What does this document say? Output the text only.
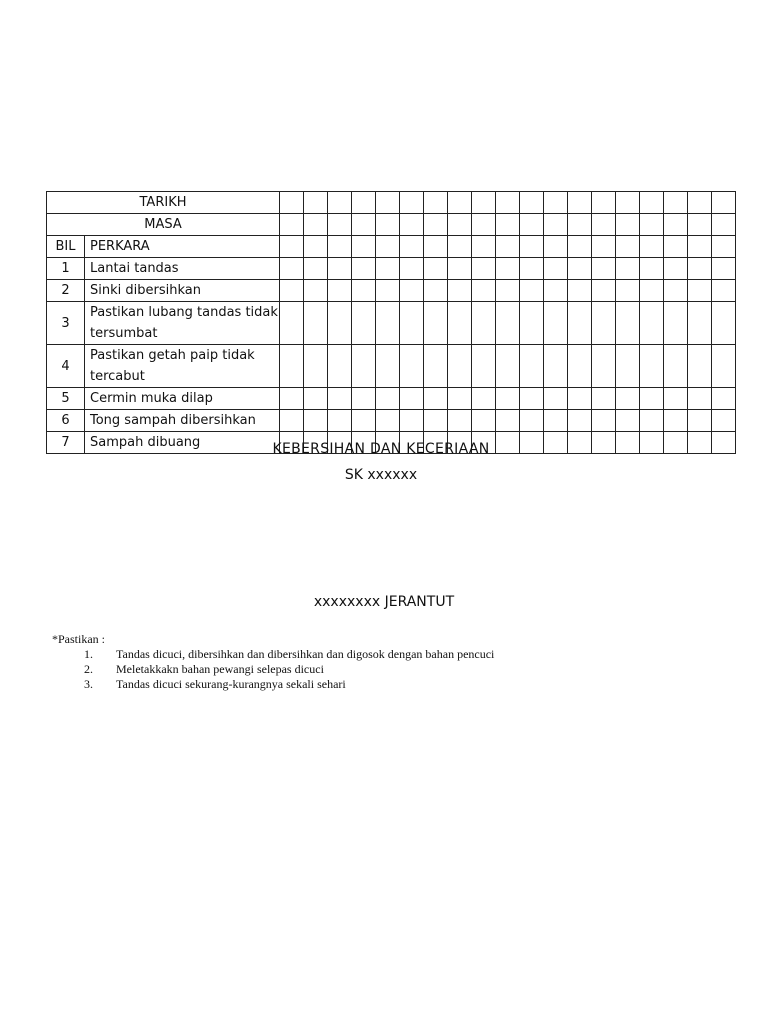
TARIKH																				
MASA																				
BIL	PERKARA																			
1	Lantai tandas																			
2	Sinki dibersihkan																			
3	Pastikan lubang tandas tidak tersumbat																			
4	Pastikan getah paip tidak tercabut																			
5	Cermin muka dilap																			
6	Tong sampah dibersihkan																			
7	Sampah dibuang																				KEBERSIHAN DAN KECERIAAN
SK xxxxxx
xxxxxxxx JERANTUT
*Pastikan :
1. Tandas dicuci, dibersihkan dan dibersihkan dan digosok dengan bahan pencuci
2. Meletakkakn bahan pewangi selepas dicuci
3. Tandas dicuci sekurang-kurangnya sekali sehari
